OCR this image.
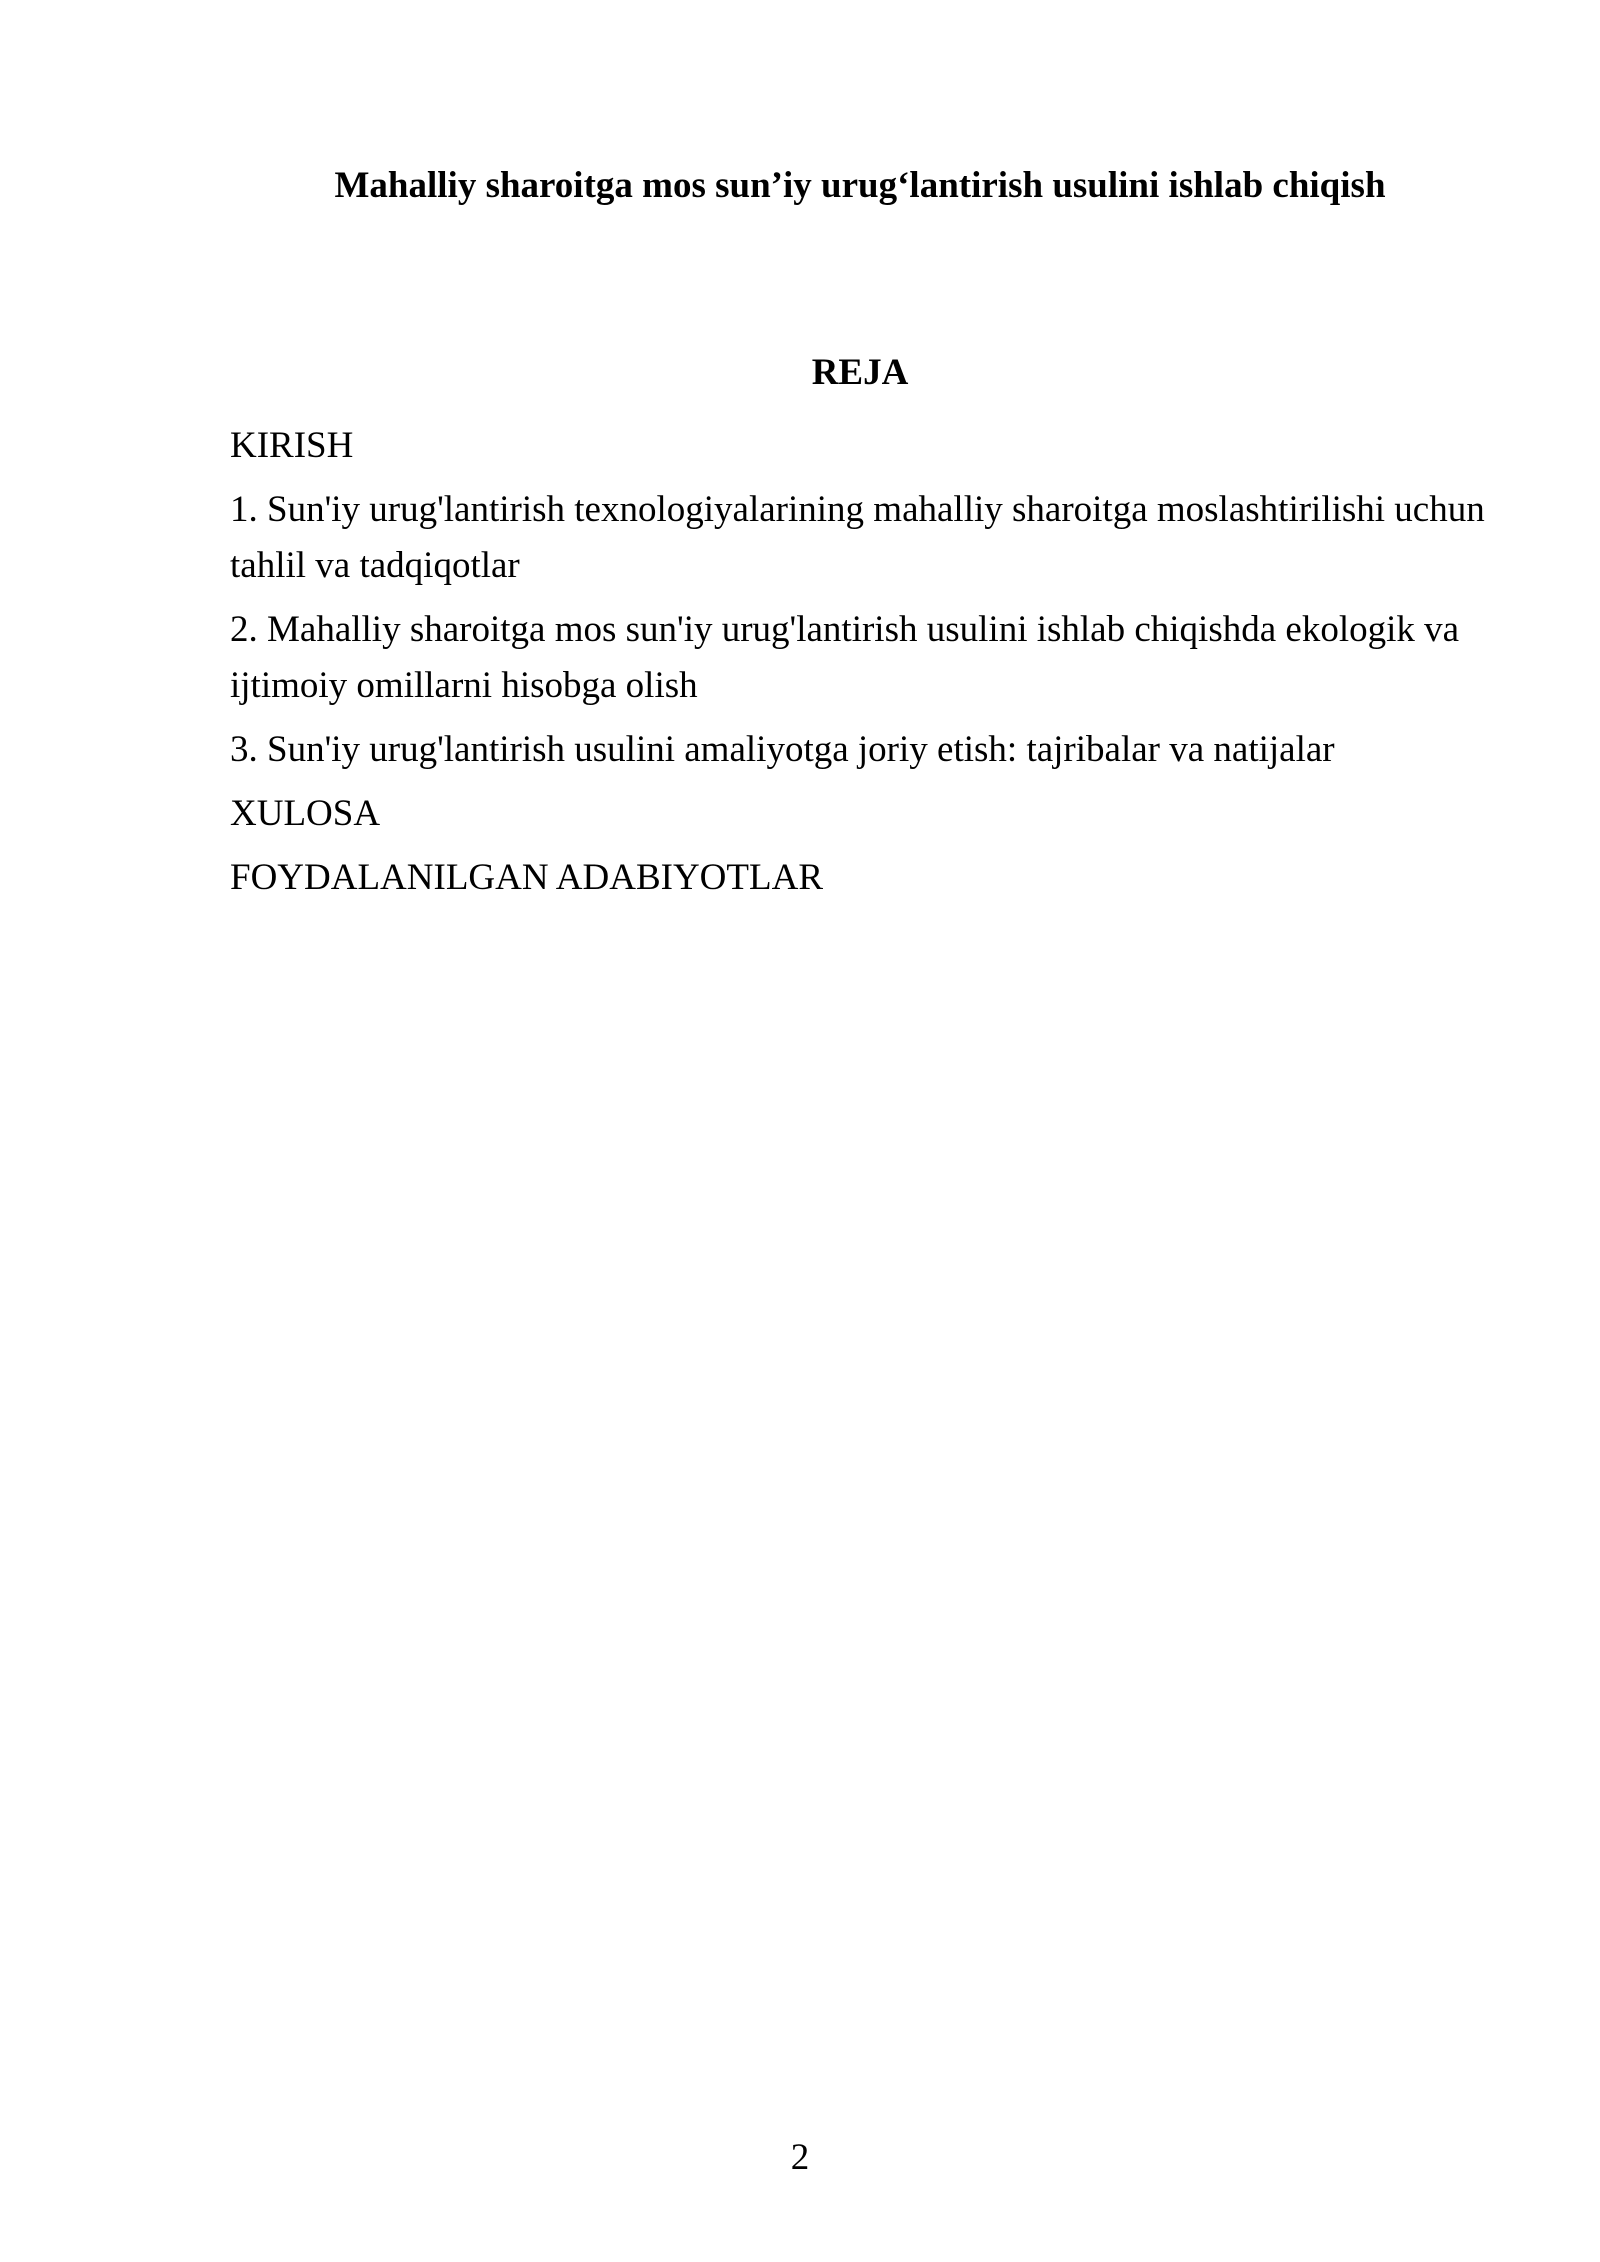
Mahalliy sharoitga mos sun’iy urug‘lantirish usulini ishlab chiqish
REJA
KIRISH
1. Sun'iy urug'lantirish texnologiyalarining mahalliy sharoitga moslashtirilishi uchun tahlil va tadqiqotlar
2. Mahalliy sharoitga mos sun'iy urug'lantirish usulini ishlab chiqishda ekologik va ijtimoiy omillarni hisobga olish
3. Sun'iy urug'lantirish usulini amaliyotga joriy etish: tajribalar va natijalar
XULOSA
FOYDALANILGAN ADABIYOTLAR

2
